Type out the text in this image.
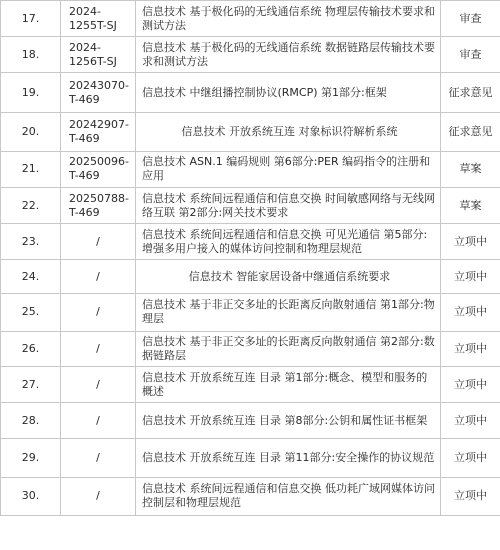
17.	2024-1255T-SJ	信息技术 基于极化码的无线通信系统 物理层传输技术要求和测试方法	审查

18.	2024-1256T-SJ	信息技术 基于极化码的无线通信系统 数据链路层传输技术要求和测试方法	审查

19.	20243070-T-469	信息技术 中继组播控制协议(RMCP) 第1部分:框架	征求意见

20.	20242907-T-469	信息技术 开放系统互连 对象标识符解析系统	征求意见

21.	20250096-T-469	信息技术 ASN.1 编码规则 第6部分:PER 编码指令的注册和应用	草案

22.	20250788-T-469	信息技术 系统间远程通信和信息交换 时间敏感网络与无线网络互联 第2部分:网关技术要求	草案

23.	/	信息技术 系统间远程通信和信息交换 可见光通信 第5部分:增强多用户接入的媒体访问控制和物理层规范	立项中

24.	/	信息技术 智能家居设备中继通信系统要求	立项中

25.	/	信息技术 基于非正交多址的长距离反向散射通信 第1部分:物理层	立项中

26.	/	信息技术 基于非正交多址的长距离反向散射通信 第2部分:数据链路层	立项中

27.	/	信息技术 开放系统互连 目录 第1部分:概念、模型和服务的概述	立项中

28.	/	信息技术 开放系统互连 目录 第8部分:公钥和属性证书框架	立项中

29.	/	信息技术 开放系统互连 目录 第11部分:安全操作的协议规范	立项中

30.	/	信息技术 系统间远程通信和信息交换 低功耗广域网媒体访问控制层和物理层规范	立项中
